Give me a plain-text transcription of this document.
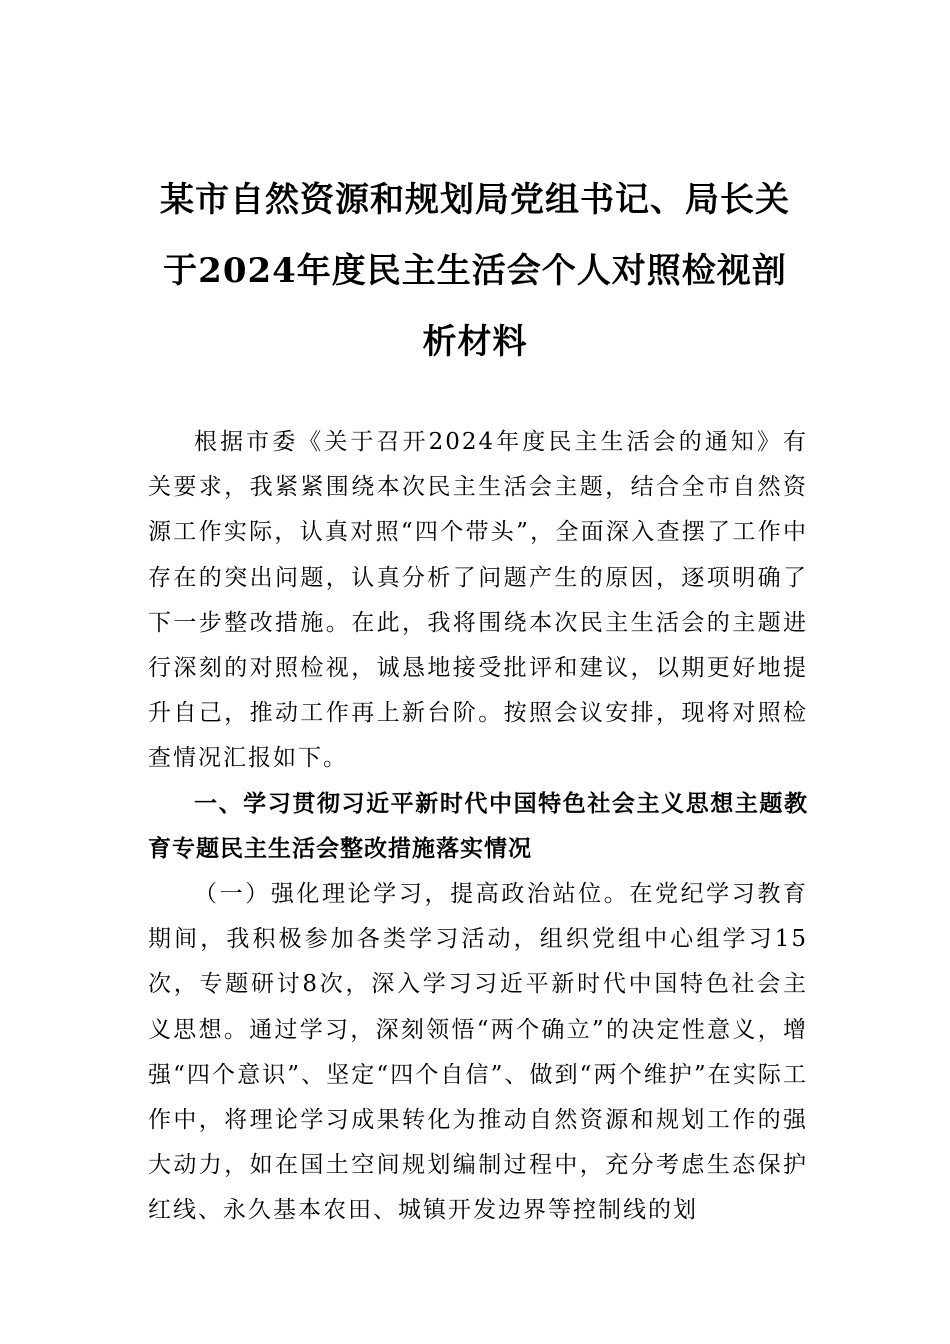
某市自然资源和规划局党组书记、局长关于2024年度民主生活会个人对照检视剖析材料

根据市委《关于召开2024年度民主生活会的通知》有关要求，我紧紧围绕本次民主生活会主题，结合全市自然资源工作实际，认真对照“四个带头”，全面深入查摆了工作中存在的突出问题，认真分析了问题产生的原因，逐项明确了下一步整改措施。在此，我将围绕本次民主生活会的主题进行深刻的对照检视，诚恳地接受批评和建议，以期更好地提升自己，推动工作再上新台阶。按照会议安排，现将对照检查情况汇报如下。

一、学习贯彻习近平新时代中国特色社会主义思想主题教育专题民主生活会整改措施落实情况

（一）强化理论学习，提高政治站位。在党纪学习教育期间，我积极参加各类学习活动，组织党组中心组学习15次，专题研讨8次，深入学习习近平新时代中国特色社会主义思想。通过学习，深刻领悟“两个确立”的决定性意义，增强“四个意识”、坚定“四个自信”、做到“两个维护”在实际工作中，将理论学习成果转化为推动自然资源和规划工作的强大动力，如在国土空间规划编制过程中，充分考虑生态保护红线、永久基本农田、城镇开发边界等控制线的划
